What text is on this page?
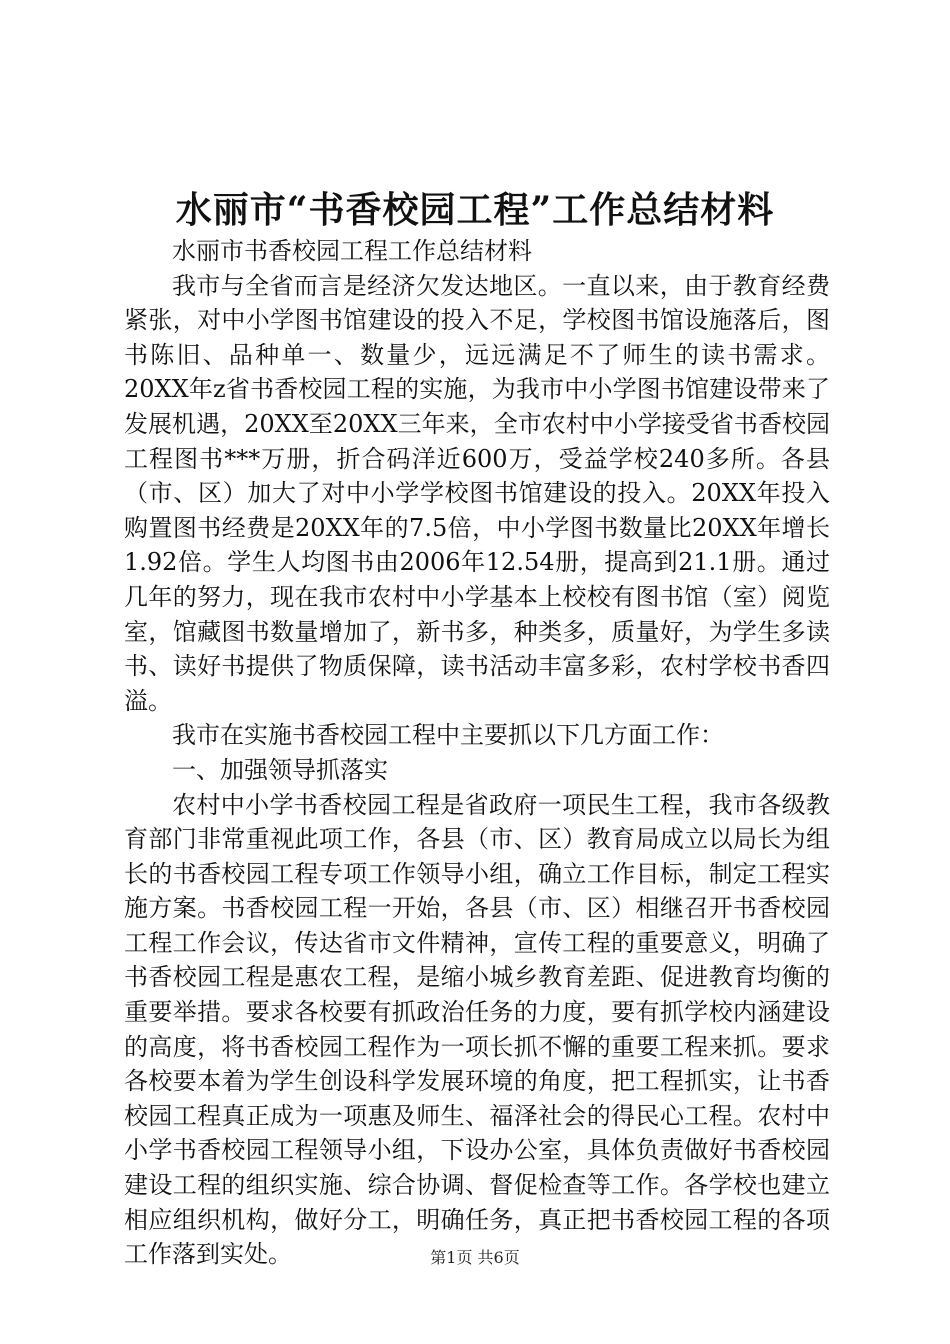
水丽市“书香校园工程”工作总结材料

水丽市书香校园工程工作总结材料

我市与全省而言是经济欠发达地区。一直以来，由于教育经费紧张，对中小学图书馆建设的投入不足，学校图书馆设施落后，图书陈旧、品种单一、数量少，远远满足不了师生的读书需求。20XX年z省书香校园工程的实施，为我市中小学图书馆建设带来了发展机遇，20XX至20XX三年来，全市农村中小学接受省书香校园工程图书***万册，折合码洋近600万，受益学校240多所。各县（市、区）加大了对中小学学校图书馆建设的投入。20XX年投入购置图书经费是20XX年的7.5倍，中小学图书数量比20XX年增长1.92倍。学生人均图书由2006年12.54册，提高到21.1册。通过几年的努力，现在我市农村中小学基本上校校有图书馆（室）阅览室，馆藏图书数量增加了，新书多，种类多，质量好，为学生多读书、读好书提供了物质保障，读书活动丰富多彩，农村学校书香四溢。

我市在实施书香校园工程中主要抓以下几方面工作：

一、加强领导抓落实

农村中小学书香校园工程是省政府一项民生工程，我市各级教育部门非常重视此项工作，各县（市、区）教育局成立以局长为组长的书香校园工程专项工作领导小组，确立工作目标，制定工程实施方案。书香校园工程一开始，各县（市、区）相继召开书香校园工程工作会议，传达省市文件精神，宣传工程的重要意义，明确了书香校园工程是惠农工程，是缩小城乡教育差距、促进教育均衡的重要举措。要求各校要有抓政治任务的力度，要有抓学校内涵建设的高度，将书香校园工程作为一项长抓不懈的重要工程来抓。要求各校要本着为学生创设科学发展环境的角度，把工程抓实，让书香校园工程真正成为一项惠及师生、福泽社会的得民心工程。农村中小学书香校园工程领导小组，下设办公室，具体负责做好书香校园建设工程的组织实施、综合协调、督促检查等工作。各学校也建立相应组织机构，做好分工，明确任务，真正把书香校园工程的各项工作落到实处。	第1页 共6页
